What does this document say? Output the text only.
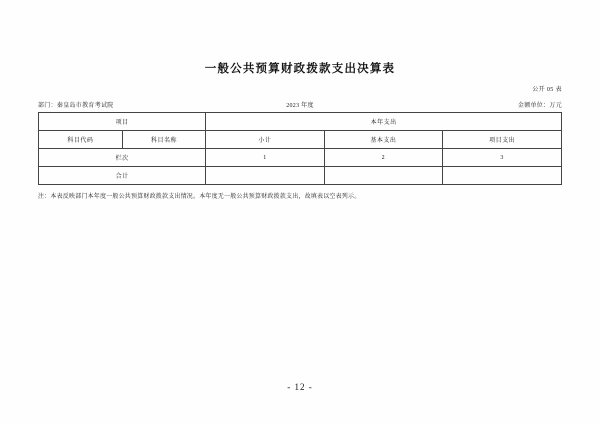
一般公共预算财政拨款支出决算表
公开 05 表
部门：秦皇岛市教育考试院	2023 年度	金额单位：万元
项目		本年支出		
科目代码	科目名称	小计	基本支出	项目支出
栏次		1	2	3
合计				
注：本表反映部门本年度一般公共预算财政拨款支出情况。本年度无一般公共预算财政拨款支出，故填表以空表列示。
- 12 -
